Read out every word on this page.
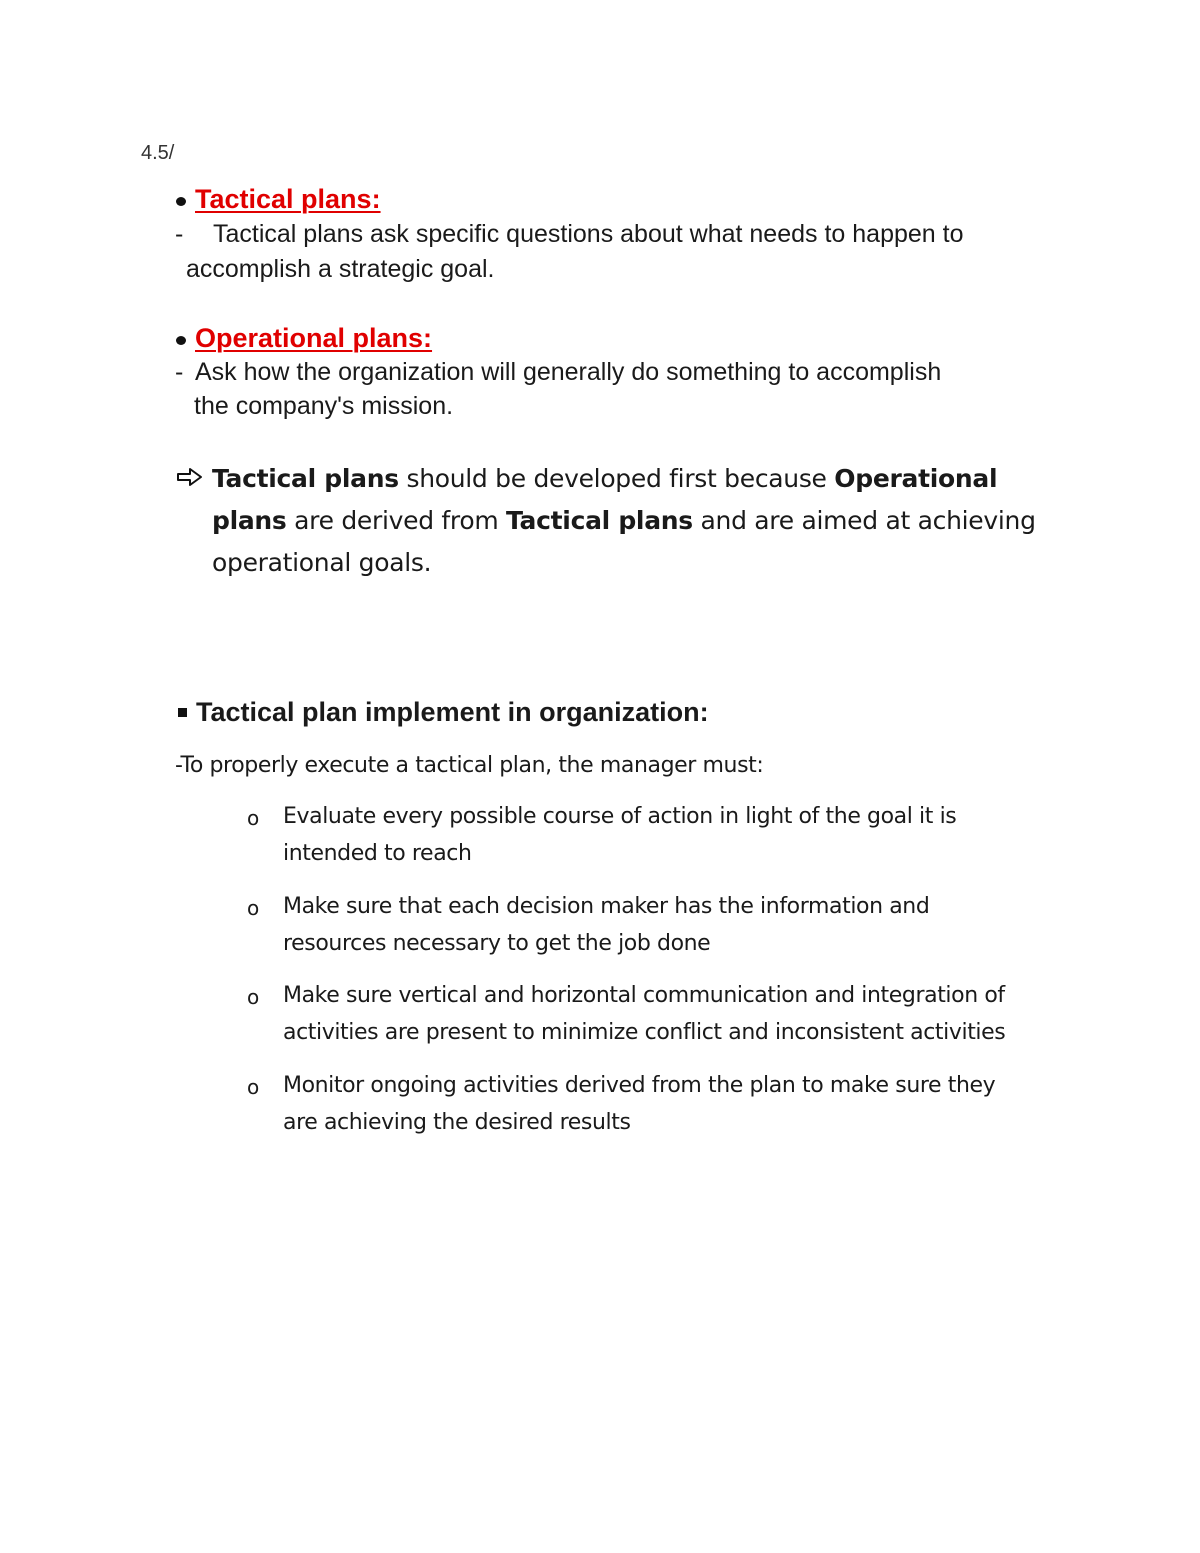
4.5/
Tactical plans:
- Tactical plans ask specific questions about what needs to happen to
accomplish a strategic goal.
Operational plans:
- Ask how the organization will generally do something to accomplish
the company's mission.
Tactical plans should be developed first because Operational
plans are derived from Tactical plans and are aimed at achieving
operational goals.
Tactical plan implement in organization:
-To properly execute a tactical plan, the manager must:
o Evaluate every possible course of action in light of the goal it is
intended to reach
o Make sure that each decision maker has the information and
resources necessary to get the job done
o Make sure vertical and horizontal communication and integration of
activities are present to minimize conflict and inconsistent activities
o Monitor ongoing activities derived from the plan to make sure they
are achieving the desired results
